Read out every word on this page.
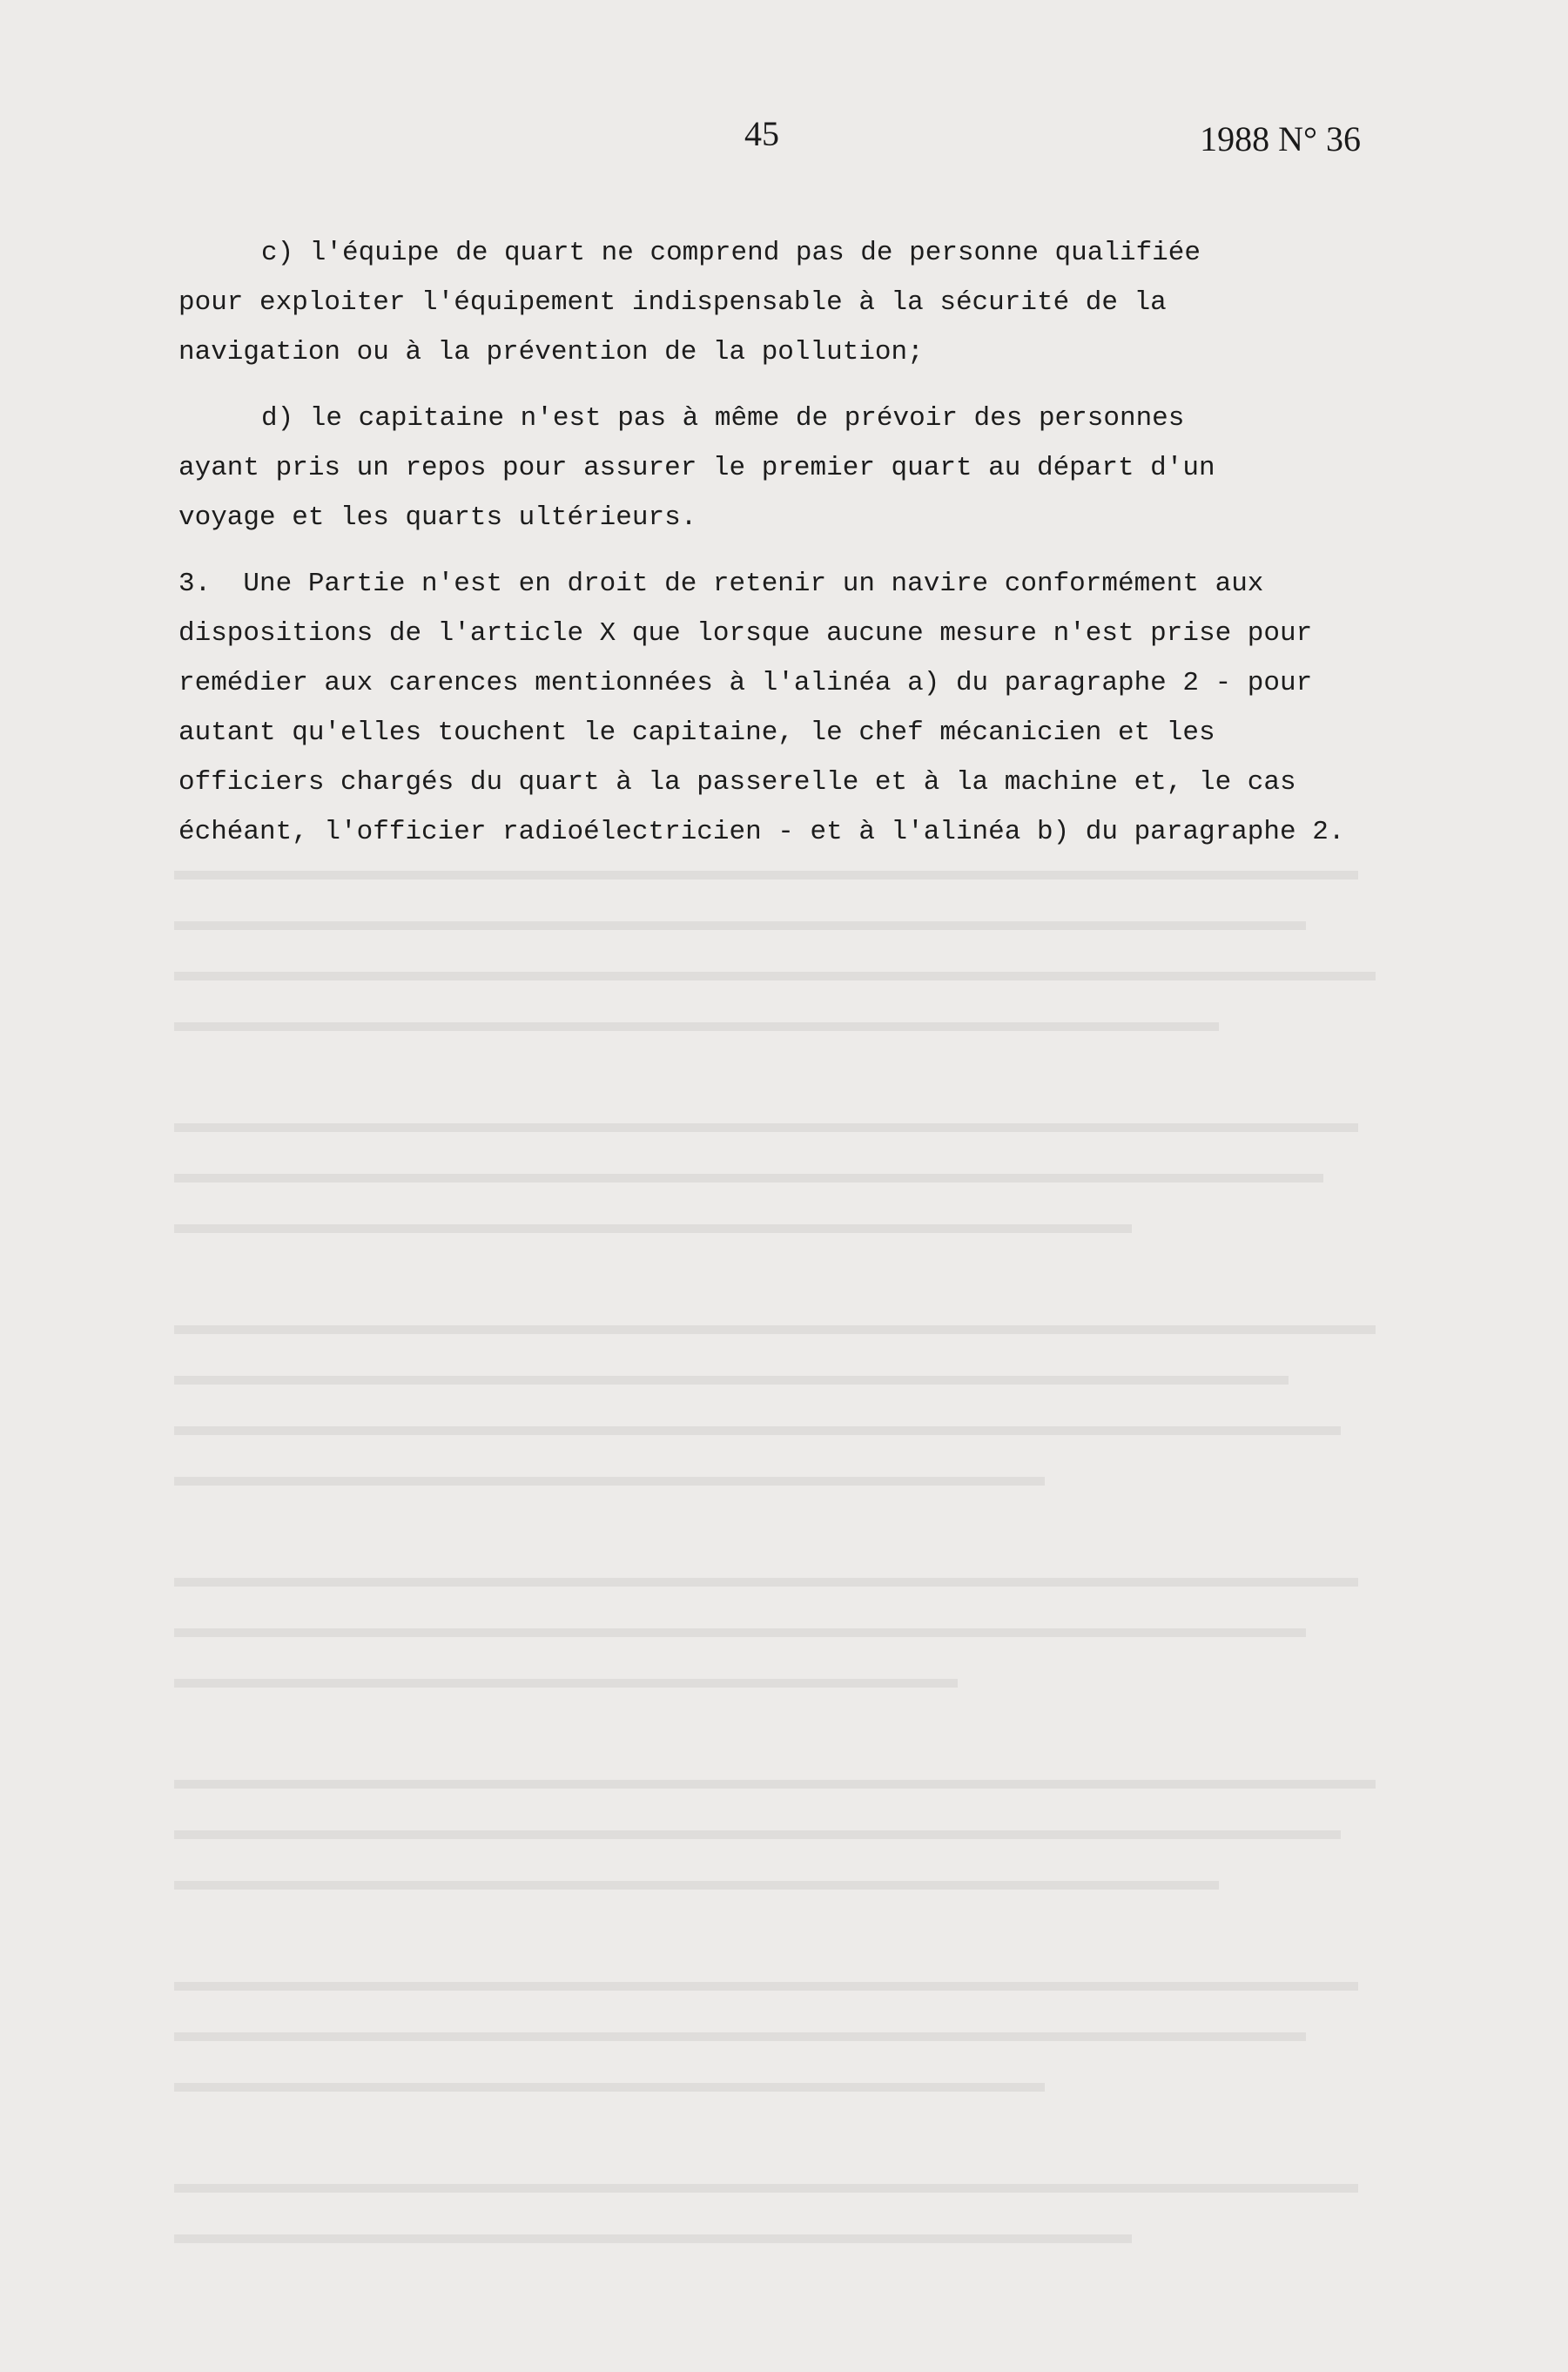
45	1988 N° 36
c) l'équipe de quart ne comprend pas de personne qualifiée
pour exploiter l'équipement indispensable à la sécurité de la
navigation ou à la prévention de la pollution;
d) le capitaine n'est pas à même de prévoir des personnes
ayant pris un repos pour assurer le premier quart au départ d'un
voyage et les quarts ultérieurs.
3.  Une Partie n'est en droit de retenir un navire conformément aux
dispositions de l'article X que lorsque aucune mesure n'est prise pour
remédier aux carences mentionnées à l'alinéa a) du paragraphe 2 - pour
autant qu'elles touchent le capitaine, le chef mécanicien et les
officiers chargés du quart à la passerelle et à la machine et, le cas
échéant, l'officier radioélectricien - et à l'alinéa b) du paragraphe 2.
